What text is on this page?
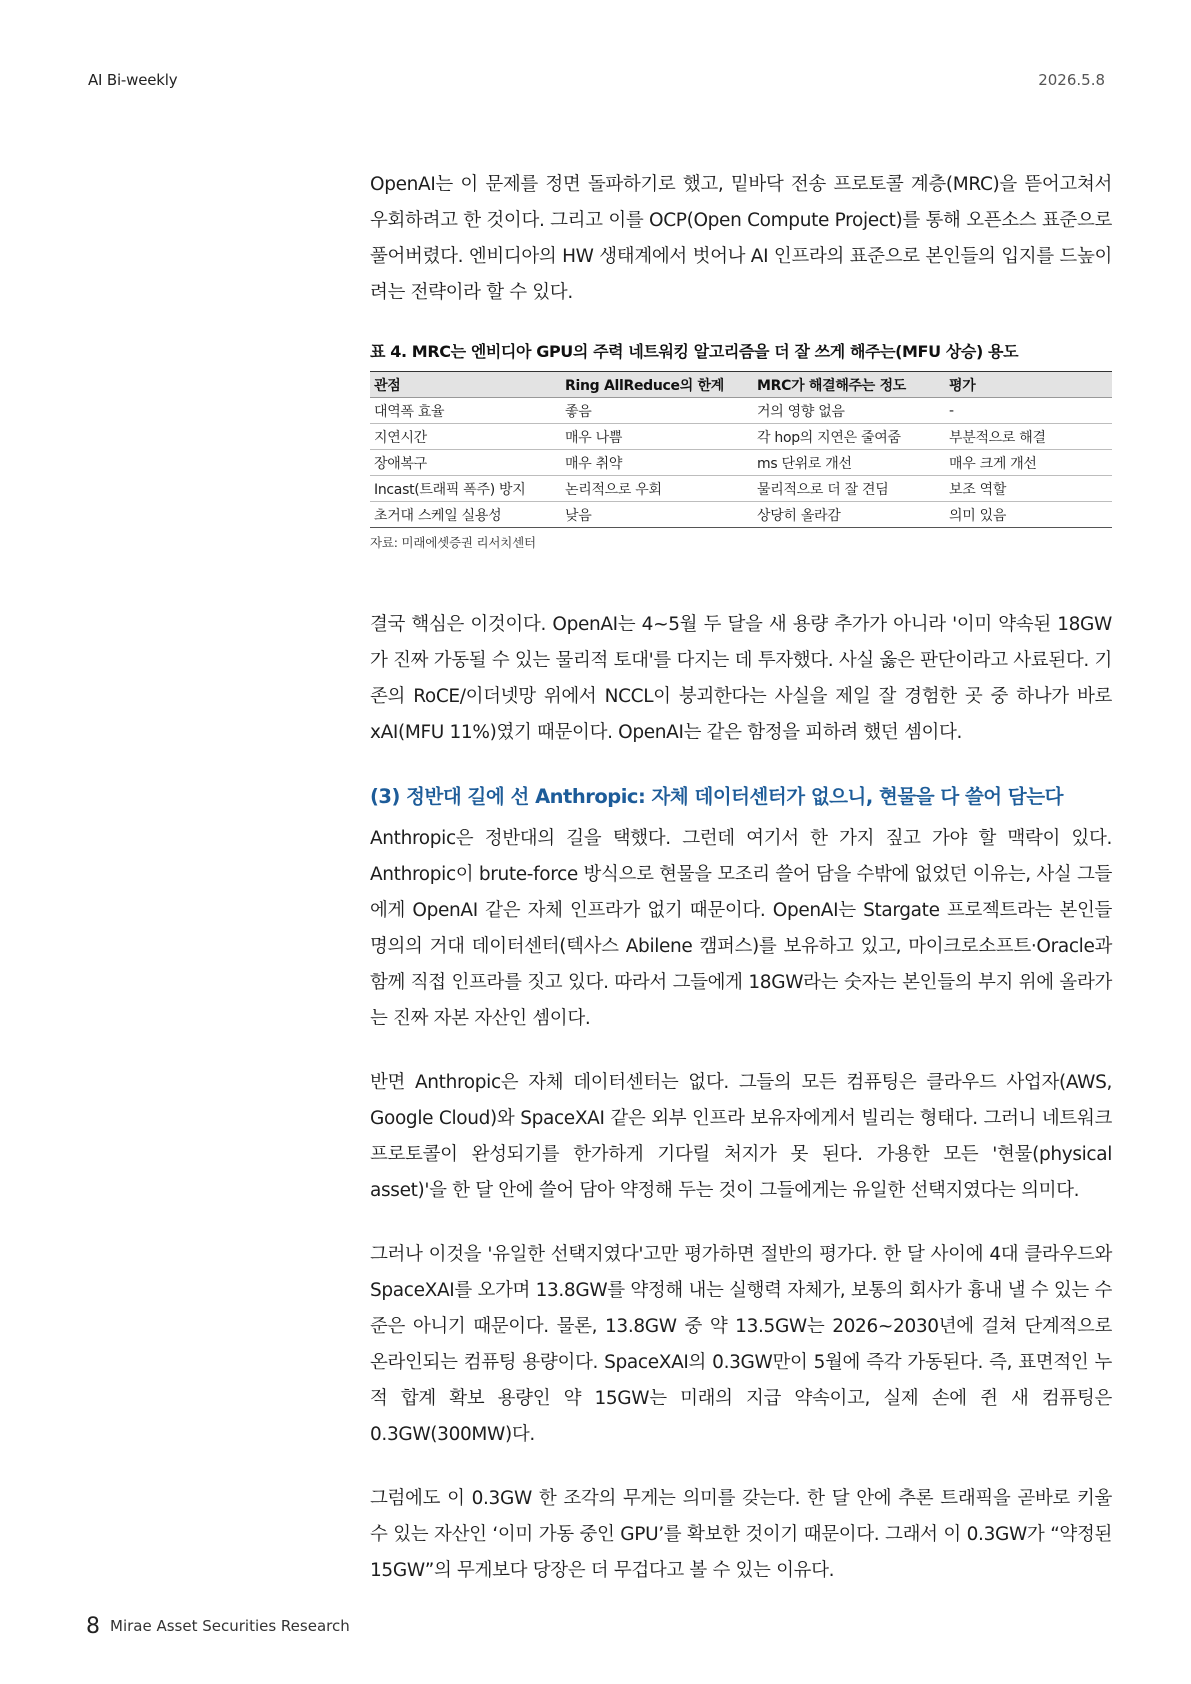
AI Bi-weekly	2026.5.8

OpenAI는 이 문제를 정면 돌파하기로 했고, 밑바닥 전송 프로토콜 계층(MRC)을 뜯어고쳐서 우회하려고 한 것이다. 그리고 이를 OCP(Open Compute Project)를 통해 오픈소스 표준으로 풀어버렸다. 엔비디아의 HW 생태계에서 벗어나 AI 인프라의 표준으로 본인들의 입지를 드높이려는 전략이라 할 수 있다.

표 4. MRC는 엔비디아 GPU의 주력 네트워킹 알고리즘을 더 잘 쓰게 해주는(MFU 상승) 용도
관점	Ring AllReduce의 한계	MRC가 해결해주는 정도	평가
대역폭 효율	좋음	거의 영향 없음	-
지연시간	매우 나쁨	각 hop의 지연은 줄여줌	부분적으로 해결
장애복구	매우 취약	ms 단위로 개선	매우 크게 개선
Incast(트래픽 폭주) 방지	논리적으로 우회	물리적으로 더 잘 견딤	보조 역할
초거대 스케일 실용성	낮음	상당히 올라감	의미 있음
자료: 미래에셋증권 리서치센터

결국 핵심은 이것이다. OpenAI는 4~5월 두 달을 새 용량 추가가 아니라 '이미 약속된 18GW가 진짜 가동될 수 있는 물리적 토대'를 다지는 데 투자했다. 사실 옳은 판단이라고 사료된다. 기존의 RoCE/이더넷망 위에서 NCCL이 붕괴한다는 사실을 제일 잘 경험한 곳 중 하나가 바로 xAI(MFU 11%)였기 때문이다. OpenAI는 같은 함정을 피하려 했던 셈이다.

(3) 정반대 길에 선 Anthropic: 자체 데이터센터가 없으니, 현물을 다 쓸어 담는다

Anthropic은 정반대의 길을 택했다. 그런데 여기서 한 가지 짚고 가야 할 맥락이 있다. Anthropic이 brute-force 방식으로 현물을 모조리 쓸어 담을 수밖에 없었던 이유는, 사실 그들에게 OpenAI 같은 자체 인프라가 없기 때문이다. OpenAI는 Stargate 프로젝트라는 본인들 명의의 거대 데이터센터(텍사스 Abilene 캠퍼스)를 보유하고 있고, 마이크로소프트·Oracle과 함께 직접 인프라를 짓고 있다. 따라서 그들에게 18GW라는 숫자는 본인들의 부지 위에 올라가는 진짜 자본 자산인 셈이다.

반면 Anthropic은 자체 데이터센터는 없다. 그들의 모든 컴퓨팅은 클라우드 사업자(AWS, Google Cloud)와 SpaceXAI 같은 외부 인프라 보유자에게서 빌리는 형태다. 그러니 네트워크 프로토콜이 완성되기를 한가하게 기다릴 처지가 못 된다. 가용한 모든 '현물(physical asset)'을 한 달 안에 쓸어 담아 약정해 두는 것이 그들에게는 유일한 선택지였다는 의미다.

그러나 이것을 '유일한 선택지였다'고만 평가하면 절반의 평가다. 한 달 사이에 4대 클라우드와 SpaceXAI를 오가며 13.8GW를 약정해 내는 실행력 자체가, 보통의 회사가 흉내 낼 수 있는 수준은 아니기 때문이다. 물론, 13.8GW 중 약 13.5GW는 2026~2030년에 걸쳐 단계적으로 온라인되는 컴퓨팅 용량이다. SpaceXAI의 0.3GW만이 5월에 즉각 가동된다. 즉, 표면적인 누적 합계 확보 용량인 약 15GW는 미래의 지급 약속이고, 실제 손에 쥔 새 컴퓨팅은 0.3GW(300MW)다.

그럼에도 이 0.3GW 한 조각의 무게는 의미를 갖는다. 한 달 안에 추론 트래픽을 곧바로 키울 수 있는 자산인 ‘이미 가동 중인 GPU’를 확보한 것이기 때문이다. 그래서 이 0.3GW가 “약정된 15GW”의 무게보다 당장은 더 무겁다고 볼 수 있는 이유다.

8 Mirae Asset Securities Research
